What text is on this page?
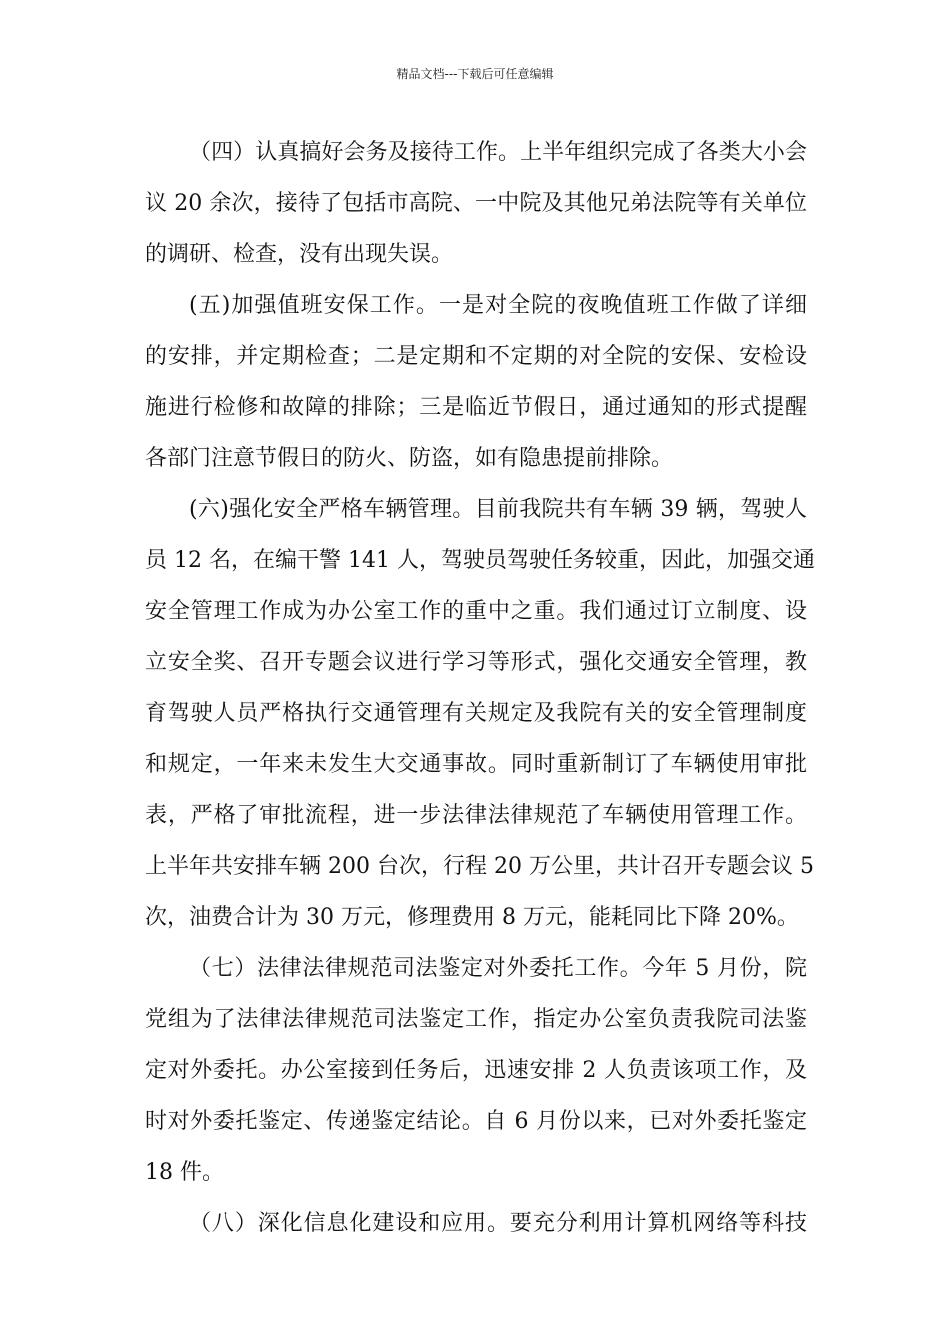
精品文档---下载后可任意编辑
（四）认真搞好会务及接待工作。上半年组织完成了各类大小会
议 20 余次，接待了包括市高院、一中院及其他兄弟法院等有关单位
的调研、检查，没有出现失误。
(五)加强值班安保工作。一是对全院的夜晚值班工作做了详细
的安排，并定期检查；二是定期和不定期的对全院的安保、安检设
施进行检修和故障的排除；三是临近节假日，通过通知的形式提醒
各部门注意节假日的防火、防盗，如有隐患提前排除。
(六)强化安全严格车辆管理。目前我院共有车辆 39 辆，驾驶人
员 12 名，在编干警 141 人，驾驶员驾驶任务较重，因此，加强交通
安全管理工作成为办公室工作的重中之重。我们通过订立制度、设
立安全奖、召开专题会议进行学习等形式，强化交通安全管理，教
育驾驶人员严格执行交通管理有关规定及我院有关的安全管理制度
和规定，一年来未发生大交通事故。同时重新制订了车辆使用审批
表，严格了审批流程，进一步法律法律规范了车辆使用管理工作。
上半年共安排车辆 200 台次，行程 20 万公里，共计召开专题会议 5
次，油费合计为 30 万元，修理费用 8 万元，能耗同比下降 20%。
（七）法律法律规范司法鉴定对外委托工作。今年 5 月份，院
党组为了法律法律规范司法鉴定工作，指定办公室负责我院司法鉴
定对外委托。办公室接到任务后，迅速安排 2 人负责该项工作，及
时对外委托鉴定、传递鉴定结论。自 6 月份以来，已对外委托鉴定
18 件。
（八）深化信息化建设和应用。要充分利用计算机网络等科技
